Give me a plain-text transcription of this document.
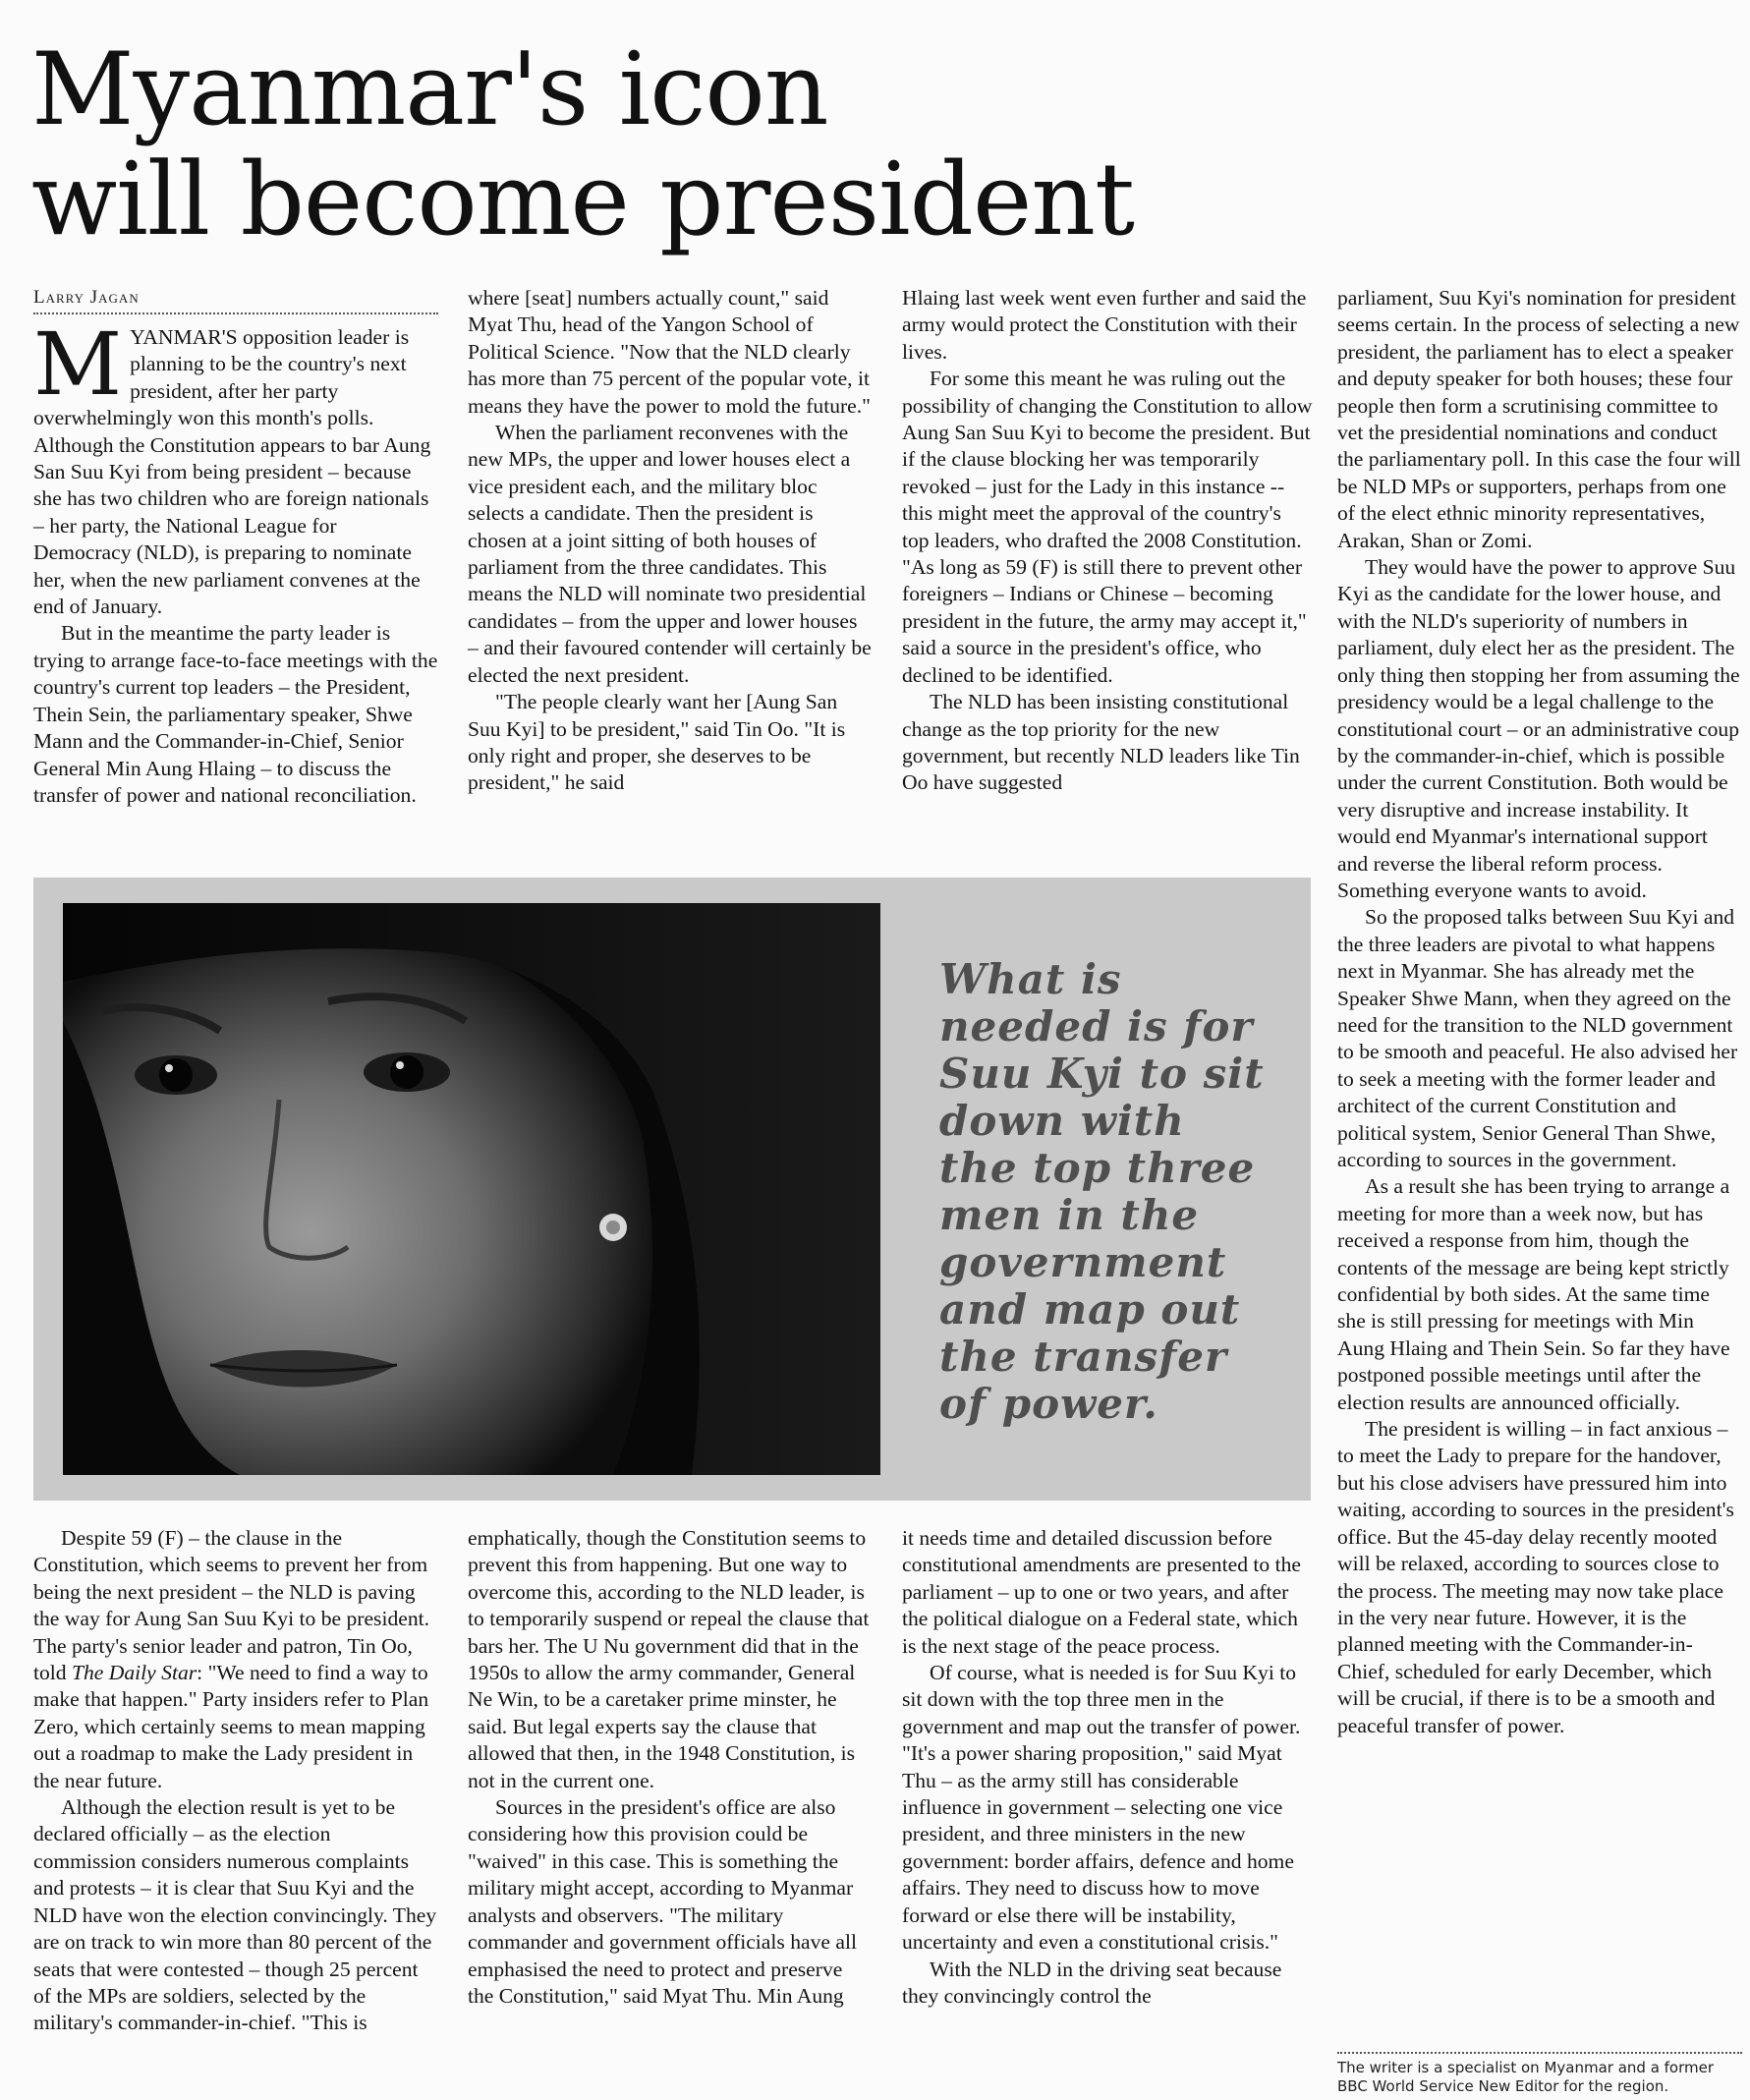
Myanmar's icon
will become president
Larry Jagan

MYANMAR'S opposition leader is planning to be the country's next president, after her party overwhelmingly won this month's polls. Although the Constitution appears to bar Aung San Suu Kyi from being president – because she has two children who are foreign nationals – her party, the National League for Democracy (NLD), is preparing to nominate her, when the new parliament convenes at the end of January.

But in the meantime the party leader is trying to arrange face-to-face meetings with the country's current top leaders – the President, Thein Sein, the parliamentary speaker, Shwe Mann and the Commander-in-Chief, Senior General Min Aung Hlaing – to discuss the transfer of power and national reconciliation.

where [seat] numbers actually count," said Myat Thu, head of the Yangon School of Political Science. "Now that the NLD clearly has more than 75 percent of the popular vote, it means they have the power to mold the future."

When the parliament reconvenes with the new MPs, the upper and lower houses elect a vice president each, and the military bloc selects a candidate. Then the president is chosen at a joint sitting of both houses of parliament from the three candidates. This means the NLD will nominate two presidential candidates – from the upper and lower houses – and their favoured contender will certainly be elected the next president.

"The people clearly want her [Aung San Suu Kyi] to be president," said Tin Oo. "It is only right and proper, she deserves to be president," he said

Hlaing last week went even further and said the army would protect the Constitution with their lives.

For some this meant he was ruling out the possibility of changing the Constitution to allow Aung San Suu Kyi to become the president. But if the clause blocking her was temporarily revoked – just for the Lady in this instance -- this might meet the approval of the country's top leaders, who drafted the 2008 Constitution. "As long as 59 (F) is still there to prevent other foreigners – Indians or Chinese – becoming president in the future, the army may accept it," said a source in the president's office, who declined to be identified.

The NLD has been insisting constitutional change as the top priority for the new government, but recently NLD leaders like Tin Oo have suggested

parliament, Suu Kyi's nomination for president seems certain. In the process of selecting a new president, the parliament has to elect a speaker and deputy speaker for both houses; these four people then form a scrutinising committee to vet the presidential nominations and conduct the parliamentary poll. In this case the four will be NLD MPs or supporters, perhaps from one of the elect ethnic minority representatives, Arakan, Shan or Zomi.

They would have the power to approve Suu Kyi as the candidate for the lower house, and with the NLD's superiority of numbers in parliament, duly elect her as the president. The only thing then stopping her from assuming the presidency would be a legal challenge to the constitutional court – or an administrative coup by the commander-in-chief, which is possible under the current Constitution. Both would be very disruptive and increase instability. It would end Myanmar's international support and reverse the liberal reform process. Something everyone wants to avoid.

So the proposed talks between Suu Kyi and the three leaders are pivotal to what happens next in Myanmar. She has already met the Speaker Shwe Mann, when they agreed on the need for the transition to the NLD government to be smooth and peaceful. He also advised her to seek a meeting with the former leader and architect of the current Constitution and political system, Senior General Than Shwe, according to sources in the government.

As a result she has been trying to arrange a meeting for more than a week now, but has received a response from him, though the contents of the message are being kept strictly confidential by both sides. At the same time she is still pressing for meetings with Min Aung Hlaing and Thein Sein. So far they have postponed possible meetings until after the election results are announced officially.

The president is willing – in fact anxious – to meet the Lady to prepare for the handover, but his close advisers have pressured him into waiting, according to sources in the president's office. But the 45-day delay recently mooted will be relaxed, according to sources close to the process. The meeting may now take place in the very near future. However, it is the planned meeting with the Commander-in-Chief, scheduled for early December, which will be crucial, if there is to be a smooth and peaceful transfer of power.

What is needed is for Suu Kyi to sit down with the top three men in the government and map out the transfer of power.

Despite 59 (F) – the clause in the Constitution, which seems to prevent her from being the next president – the NLD is paving the way for Aung San Suu Kyi to be president. The party's senior leader and patron, Tin Oo, told The Daily Star: "We need to find a way to make that happen." Party insiders refer to Plan Zero, which certainly seems to mean mapping out a roadmap to make the Lady president in the near future.

Although the election result is yet to be declared officially – as the election commission considers numerous complaints and protests – it is clear that Suu Kyi and the NLD have won the election convincingly. They are on track to win more than 80 percent of the seats that were contested – though 25 percent of the MPs are soldiers, selected by the military's commander-in-chief. "This is

emphatically, though the Constitution seems to prevent this from happening. But one way to overcome this, according to the NLD leader, is to temporarily suspend or repeal the clause that bars her. The U Nu government did that in the 1950s to allow the army commander, General Ne Win, to be a caretaker prime minster, he said. But legal experts say the clause that allowed that then, in the 1948 Constitution, is not in the current one.

Sources in the president's office are also considering how this provision could be "waived" in this case. This is something the military might accept, according to Myanmar analysts and observers. "The military commander and government officials have all emphasised the need to protect and preserve the Constitution," said Myat Thu. Min Aung

it needs time and detailed discussion before constitutional amendments are presented to the parliament – up to one or two years, and after the political dialogue on a Federal state, which is the next stage of the peace process.

Of course, what is needed is for Suu Kyi to sit down with the top three men in the government and map out the transfer of power. "It's a power sharing proposition," said Myat Thu – as the army still has considerable influence in government – selecting one vice president, and three ministers in the new government: border affairs, defence and home affairs. They need to discuss how to move forward or else there will be instability, uncertainty and even a constitutional crisis."

With the NLD in the driving seat because they convincingly control the

The writer is a specialist on Myanmar and a former BBC World Service New Editor for the region.
